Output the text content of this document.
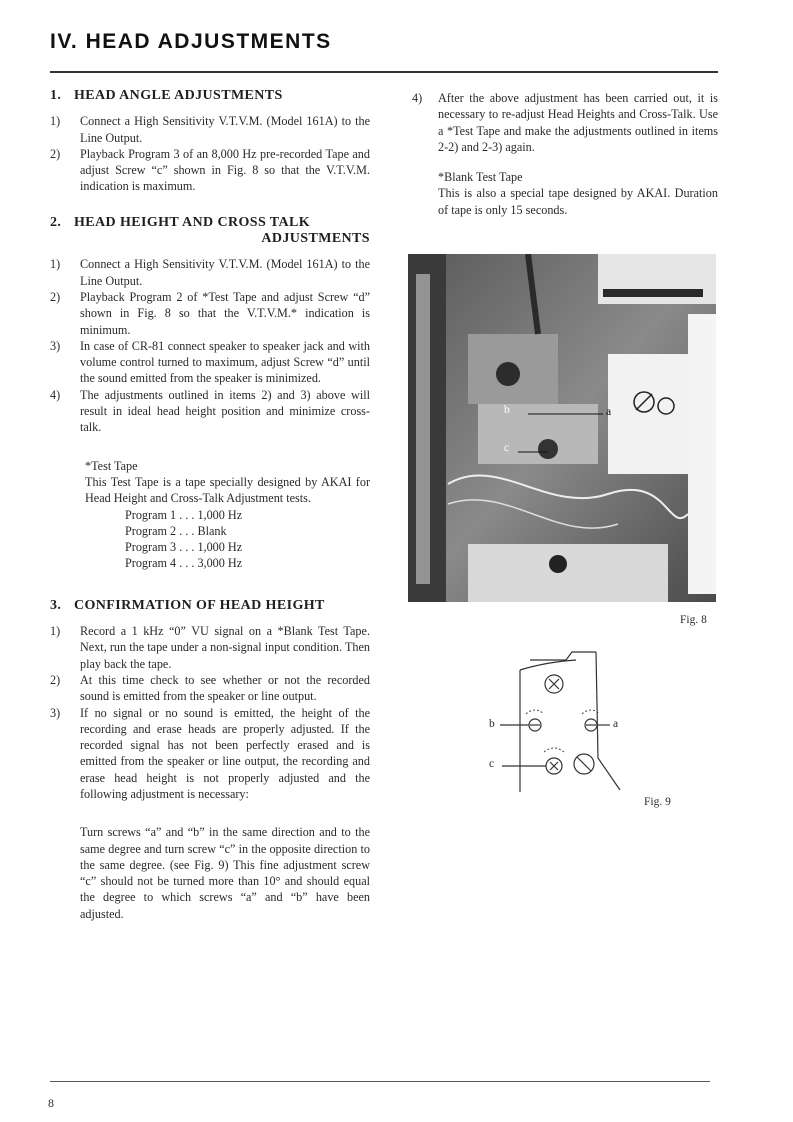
IV. HEAD ADJUSTMENTS
1. HEAD ANGLE ADJUSTMENTS
1)	Connect a High Sensitivity V.T.V.M. (Model 161A) to the Line Output.
2)	Playback Program 3 of an 8,000 Hz pre-recorded Tape and adjust Screw “c” shown in Fig. 8 so that the V.T.V.M. indication is maximum.
2. HEAD HEIGHT AND CROSS TALK
ADJUSTMENTS
1)	Connect a High Sensitivity V.T.V.M. (Model 161A) to the Line Output.
2)	Playback Program 2 of *Test Tape and adjust Screw “d” shown in Fig. 8 so that the V.T.V.M.* indication is minimum.
3)	In case of CR-81 connect speaker to speaker jack and with volume control turned to maximum, adjust Screw “d” until the sound emitted from the speaker is minimized.
4)	The adjustments outlined in items 2) and 3) above will result in ideal head height position and minimize cross-talk.

*Test Tape

This Test Tape is a tape specially designed by AKAI for Head Height and Cross-Talk Adjustment tests.

Program 1 . . . 1,000 Hz
Program 2 . . . Blank
Program 3 . . . 1,000 Hz
Program 4 . . . 3,000 Hz
3. CONFIRMATION OF HEAD HEIGHT
1)	Record a 1 kHz “0” VU signal on a *Blank Test Tape. Next, run the tape under a non-signal input condition. Then play back the tape.
2)	At this time check to see whether or not the recorded sound is emitted from the speaker or line output.
3)	If no signal or no sound is emitted, the height of the recording and erase heads are properly adjusted. If the recorded signal has not been perfectly erased and is emitted from the speaker or line output, the recording and erase head height is not properly adjusted and the following adjustment is necessary:

Turn screws “a” and “b” in the same direction and to the same degree and turn screw “c” in the opposite direction to the same degree. (see Fig. 9) This fine adjustment screw “c” should not be turned more than 10° and should equal the degree to which screws “a” and “b” have been adjusted.

4)	After the above adjustment has been carried out, it is necessary to re-adjust Head Heights and Cross-Talk. Use a *Test Tape and make the adjustments outlined in items 2-2) and 2-3) again.

*Blank Test Tape

This is also a special tape designed by AKAI. Duration of tape is only 15 seconds.

b	a
c
Fig. 8
b	a
c
Fig. 9
8
